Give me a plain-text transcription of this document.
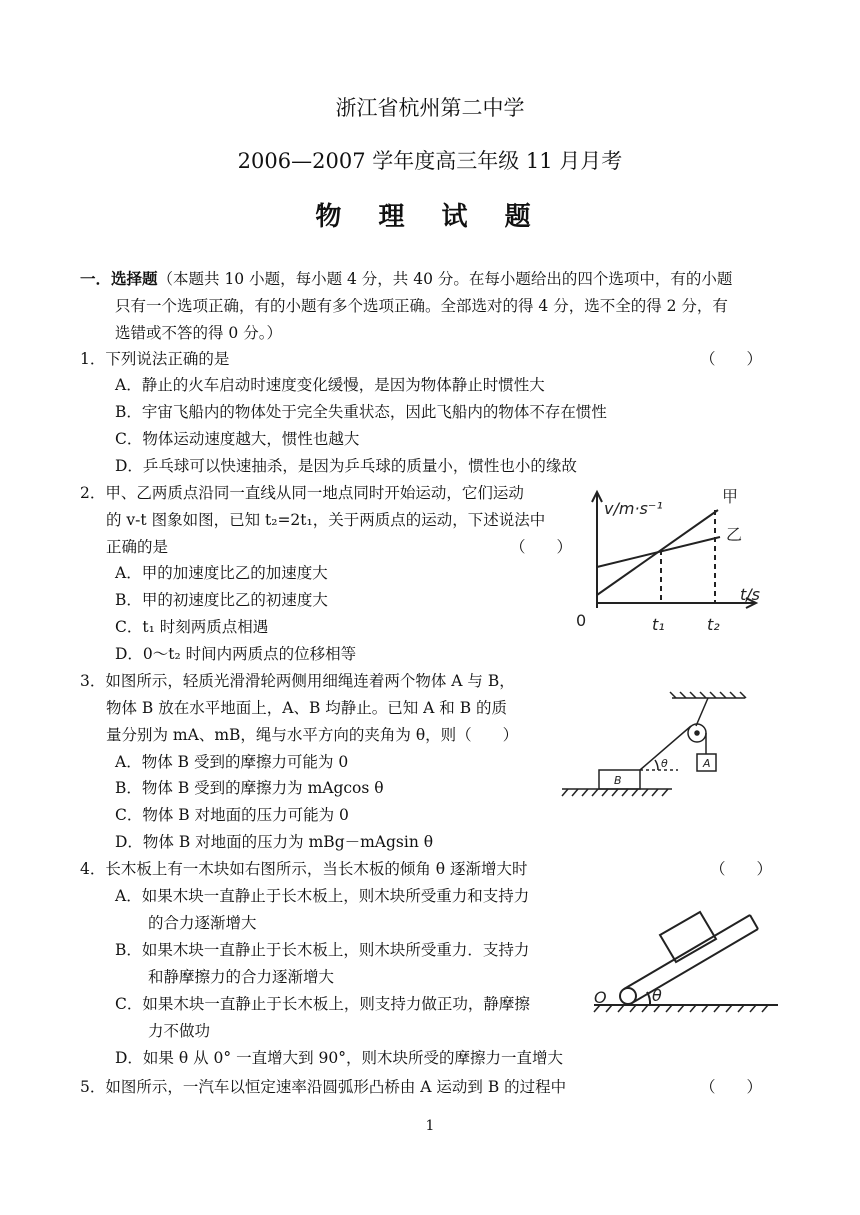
浙江省杭州第二中学
2006—2007 学年度高三年级 11 月月考
物 理 试 题
一．选择题（本题共 10 小题，每小题 4 分，共 40 分。在每小题给出的四个选项中，有的小题
只有一个选项正确，有的小题有多个选项正确。全部选对的得 4 分，选不全的得 2 分，有
选错或不答的得 0 分。）
1．下列说法正确的是	（　　）
A．静止的火车启动时速度变化缓慢，是因为物体静止时惯性大
B．宇宙飞船内的物体处于完全失重状态，因此飞船内的物体不存在惯性
C．物体运动速度越大，惯性也越大
D．乒乓球可以快速抽杀，是因为乒乓球的质量小，惯性也小的缘故
2．甲、乙两质点沿同一直线从同一地点同时开始运动，它们运动
的 v-t 图象如图，已知 t₂=2t₁，关于两质点的运动，下述说法中
正确的是	（　　）
A．甲的加速度比乙的加速度大
B．甲的初速度比乙的初速度大
C．t₁ 时刻两质点相遇
D．0～t₂ 时间内两质点的位移相等
v/m·s⁻¹
t/s
0	t₁	t₂
甲
乙
3．如图所示，轻质光滑滑轮两侧用细绳连着两个物体 A 与 B，
物体 B 放在水平地面上，A、B 均静止。已知 A 和 B 的质
量分别为 mA、mB，绳与水平方向的夹角为 θ，则（　　）
A．物体 B 受到的摩擦力可能为 0
B．物体 B 受到的摩擦力为 mAgcos θ
C．物体 B 对地面的压力可能为 0
D．物体 B 对地面的压力为 mBg－mAgsin θ
A
B
θ
4．长木板上有一木块如右图所示，当长木板的倾角 θ 逐渐增大时	（　　）
A．如果木块一直静止于长木板上，则木块所受重力和支持力
的合力逐渐增大
B．如果木块一直静止于长木板上，则木块所受重力．支持力
和静摩擦力的合力逐渐增大
C．如果木块一直静止于长木板上，则支持力做正功，静摩擦
力不做功
D．如果 θ 从 0° 一直增大到 90°，则木块所受的摩擦力一直增大
O	θ
5．如图所示，一汽车以恒定速率沿圆弧形凸桥由 A 运动到 B 的过程中	（　　）
1
